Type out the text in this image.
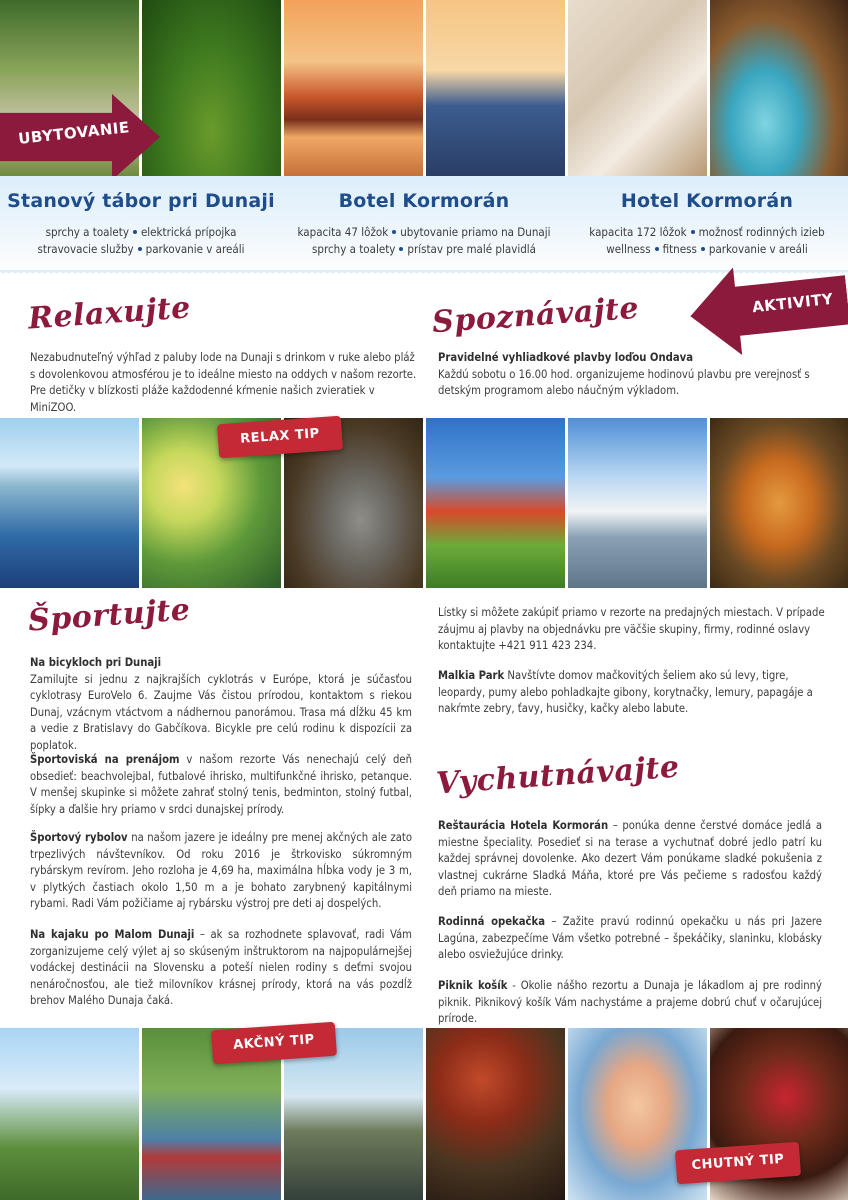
UBYTOVANIE
Stanový tábor pri Dunaji
sprchy a toalety elektrická prípojka
stravovacie služby parkovanie v areáli
Botel Kormorán
kapacita 47 lôžok ubytovanie priamo na Dunaji
sprchy a toalety prístav pre malé plavidlá
Hotel Kormorán
kapacita 172 lôžok možnosť rodinných izieb
wellness fitness parkovanie v areáli
AKTIVITY
Relaxujte
Nezabudnuteľný výhľad z paluby lode na Dunaji s drinkom v ruke alebo pláž s dovolenkovou atmosférou je to ideálne miesto na oddych v našom rezorte. Pre detičky v blízkosti pláže každodenné kŕmenie našich zvieratiek v MiniZOO.
Spoznávajte
Pravidelné vyhliadkové plavby loďou Ondava
Každú sobotu o 16.00 hod. organizujeme hodinovú plavbu pre verejnosť s detským programom alebo náučným výkladom.
RELAX TIP
Športujte
Na bicykloch pri Dunaji
Zamilujte si jednu z najkrajších cyklotrás v Európe, ktorá je súčasťou cyklotrasy EuroVelo 6. Zaujme Vás čistou prírodou, kontaktom s riekou Dunaj, vzácnym vtáctvom a nádhernou panorámou. Trasa má dĺžku 45 km a vedie z Bratislavy do Gabčíkova. Bicykle pre celú rodinu k dispozícii za poplatok.
Športoviská na prenájom v našom rezorte Vás nenechajú celý deň obsedieť: beachvolejbal, futbalové ihrisko, multifunkčné ihrisko, petanque. V menšej skupinke si môžete zahrať stolný tenis, bedminton, stolný futbal, šípky a ďalšie hry priamo v srdci dunajskej prírody.
Športový rybolov na našom jazere je ideálny pre menej akčných ale zato trpezlivých návštevníkov. Od roku 2016 je štrkovisko súkromným rybárskym revírom. Jeho rozloha je 4,69 ha, maximálna hĺbka vody je 3 m, v plytkých častiach okolo 1,50 m a je bohato zarybnený kapitálnymi rybami. Radi Vám požičiame aj rybársku výstroj pre deti aj dospelých.
Na kajaku po Malom Dunaji – ak sa rozhodnete splavovať, radi Vám zorganizujeme celý výlet aj so skúseným inštruktorom na najpopulárnejšej vodáckej destinácii na Slovensku a poteší nielen rodiny s deťmi svojou nenáročnosťou, ale tiež milovníkov krásnej prírody, ktorá na vás pozdĺž brehov Malého Dunaja čaká.
Lístky si môžete zakúpiť priamo v rezorte na predajných miestach. V prípade záujmu aj plavby na objednávku pre väčšie skupiny, firmy, rodinné oslavy kontaktujte +421 911 423 234.
Malkia Park Navštívte domov mačkovitých šeliem ako sú levy, tigre, leopardy, pumy alebo pohladkajte gibony, korytnačky, lemury, papagáje a nakŕmte zebry, ťavy, husičky, kačky alebo labute.
Vychutnávajte
Reštaurácia Hotela Kormorán – ponúka denne čerstvé domáce jedlá a miestne špeciality. Posedieť si na terase a vychutnať dobré jedlo patrí ku každej správnej dovolenke. Ako dezert Vám ponúkame sladké pokušenia z vlastnej cukrárne Sladká Máňa, ktoré pre Vás pečieme s radosťou každý deň priamo na mieste.
Rodinná opekačka – Zažite pravú rodinnú opekačku u nás pri Jazere Lagúna, zabezpečíme Vám všetko potrebné – špekáčiky, slaninku, klobásky alebo osviežujúce drinky.
Piknik košík - Okolie nášho rezortu a Dunaja je lákadlom aj pre rodinný piknik. Piknikový košík Vám nachystáme a prajeme dobrú chuť v očarujúcej prírode.
AKČNÝ TIP
CHUTNÝ TIP
